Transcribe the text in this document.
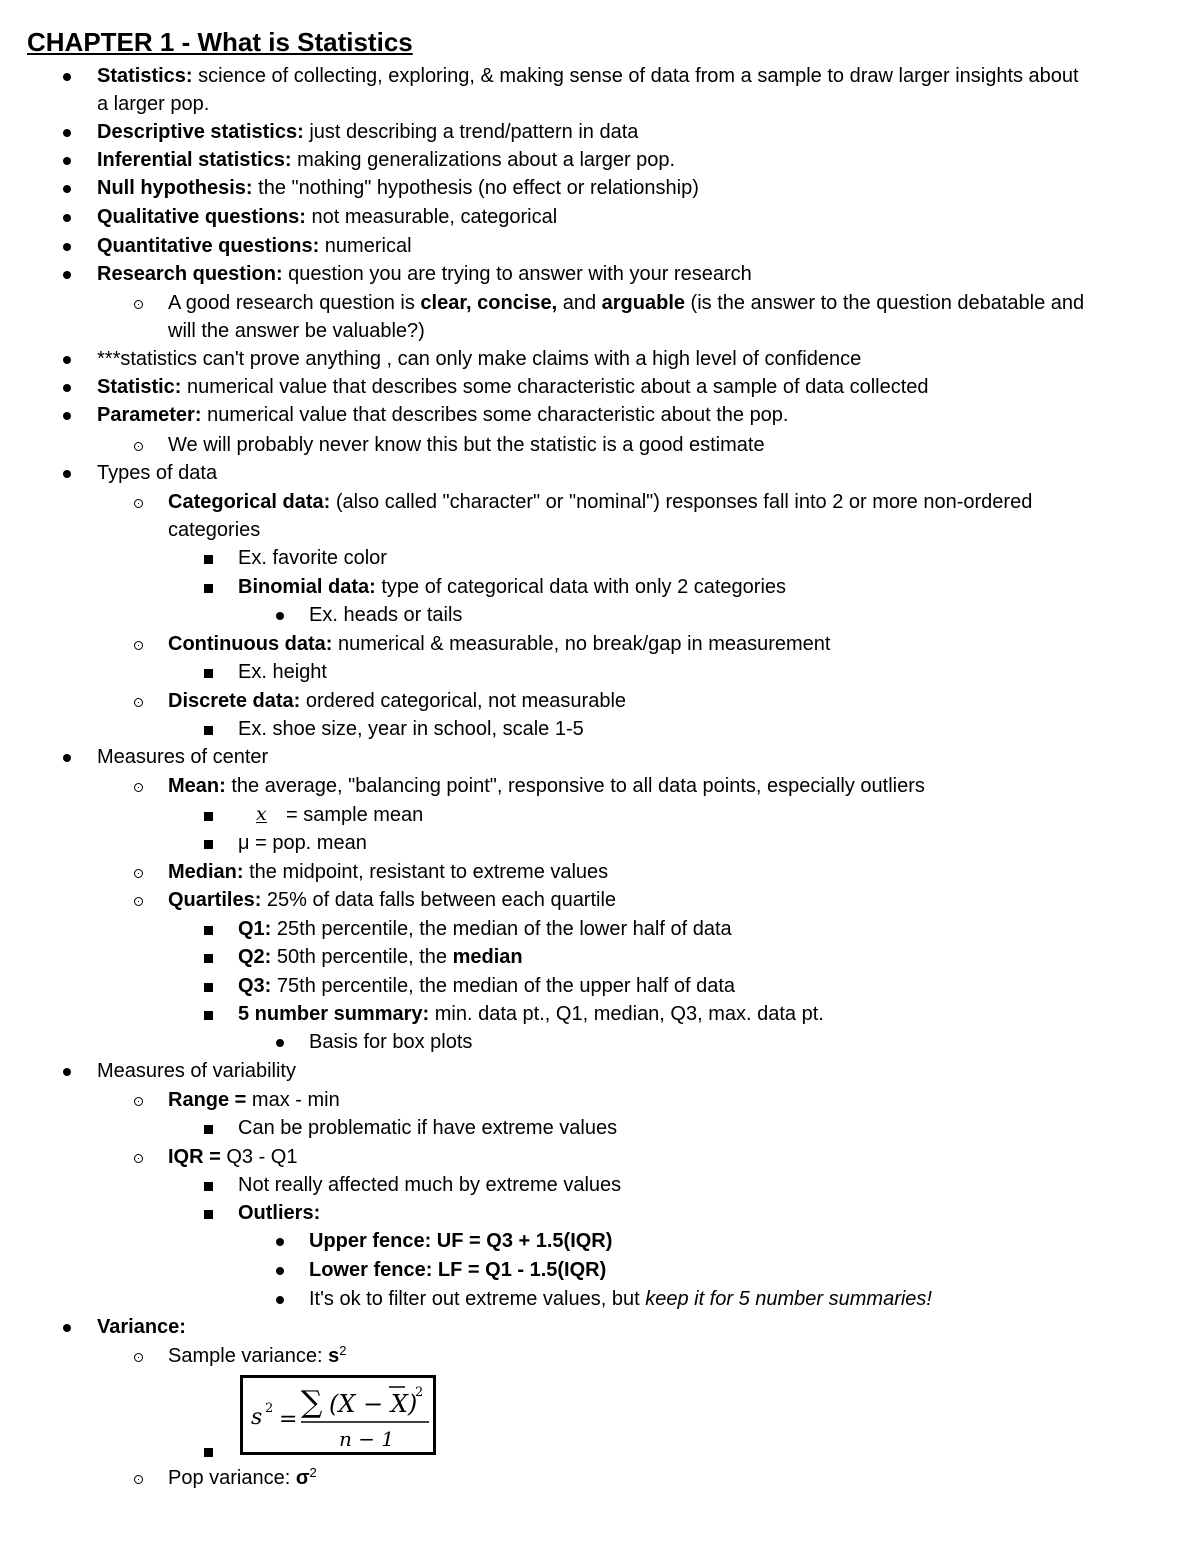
CHAPTER 1 - What is Statistics
Statistics: science of collecting, exploring, & making sense of data from a sample to draw larger insights about
a larger pop.
Descriptive statistics: just describing a trend/pattern in data
Inferential statistics: making generalizations about a larger pop.
Null hypothesis: the "nothing" hypothesis (no effect or relationship)
Qualitative questions: not measurable, categorical
Quantitative questions: numerical
Research question: question you are trying to answer with your research
A good research question is clear, concise, and arguable (is the answer to the question debatable and
will the answer be valuable?)
***statistics can't prove anything , can only make claims with a high level of confidence
Statistic: numerical value that describes some characteristic about a sample of data collected
Parameter: numerical value that describes some characteristic about the pop.
We will probably never know this but the statistic is a good estimate
Types of data
Categorical data: (also called "character" or "nominal") responses fall into 2 or more non-ordered
categories
Ex. favorite color
Binomial data: type of categorical data with only 2 categories
Ex. heads or tails
Continuous data: numerical & measurable, no break/gap in measurement
Ex. height
Discrete data: ordered categorical, not measurable
Ex. shoe size, year in school, scale 1-5
Measures of center
Mean: the average, "balancing point", responsive to all data points, especially outliers
x = sample mean
μ = pop. mean
Median: the midpoint, resistant to extreme values
Quartiles: 25% of data falls between each quartile
Q1: 25th percentile, the median of the lower half of data
Q2: 50th percentile, the median
Q3: 75th percentile, the median of the upper half of data
5 number summary: min. data pt., Q1, median, Q3, max. data pt.
Basis for box plots
Measures of variability
Range = max - min
Can be problematic if have extreme values
IQR = Q3 - Q1
Not really affected much by extreme values
Outliers:
Upper fence: UF = Q3 + 1.5(IQR)
Lower fence: LF = Q1 - 1.5(IQR)
It's ok to filter out extreme values, but keep it for 5 number summaries!
Variance:
Sample variance: $s^2$
s 2 = ∑ (X − X)
2
n − 1
Pop variance: $\sigma^2$
